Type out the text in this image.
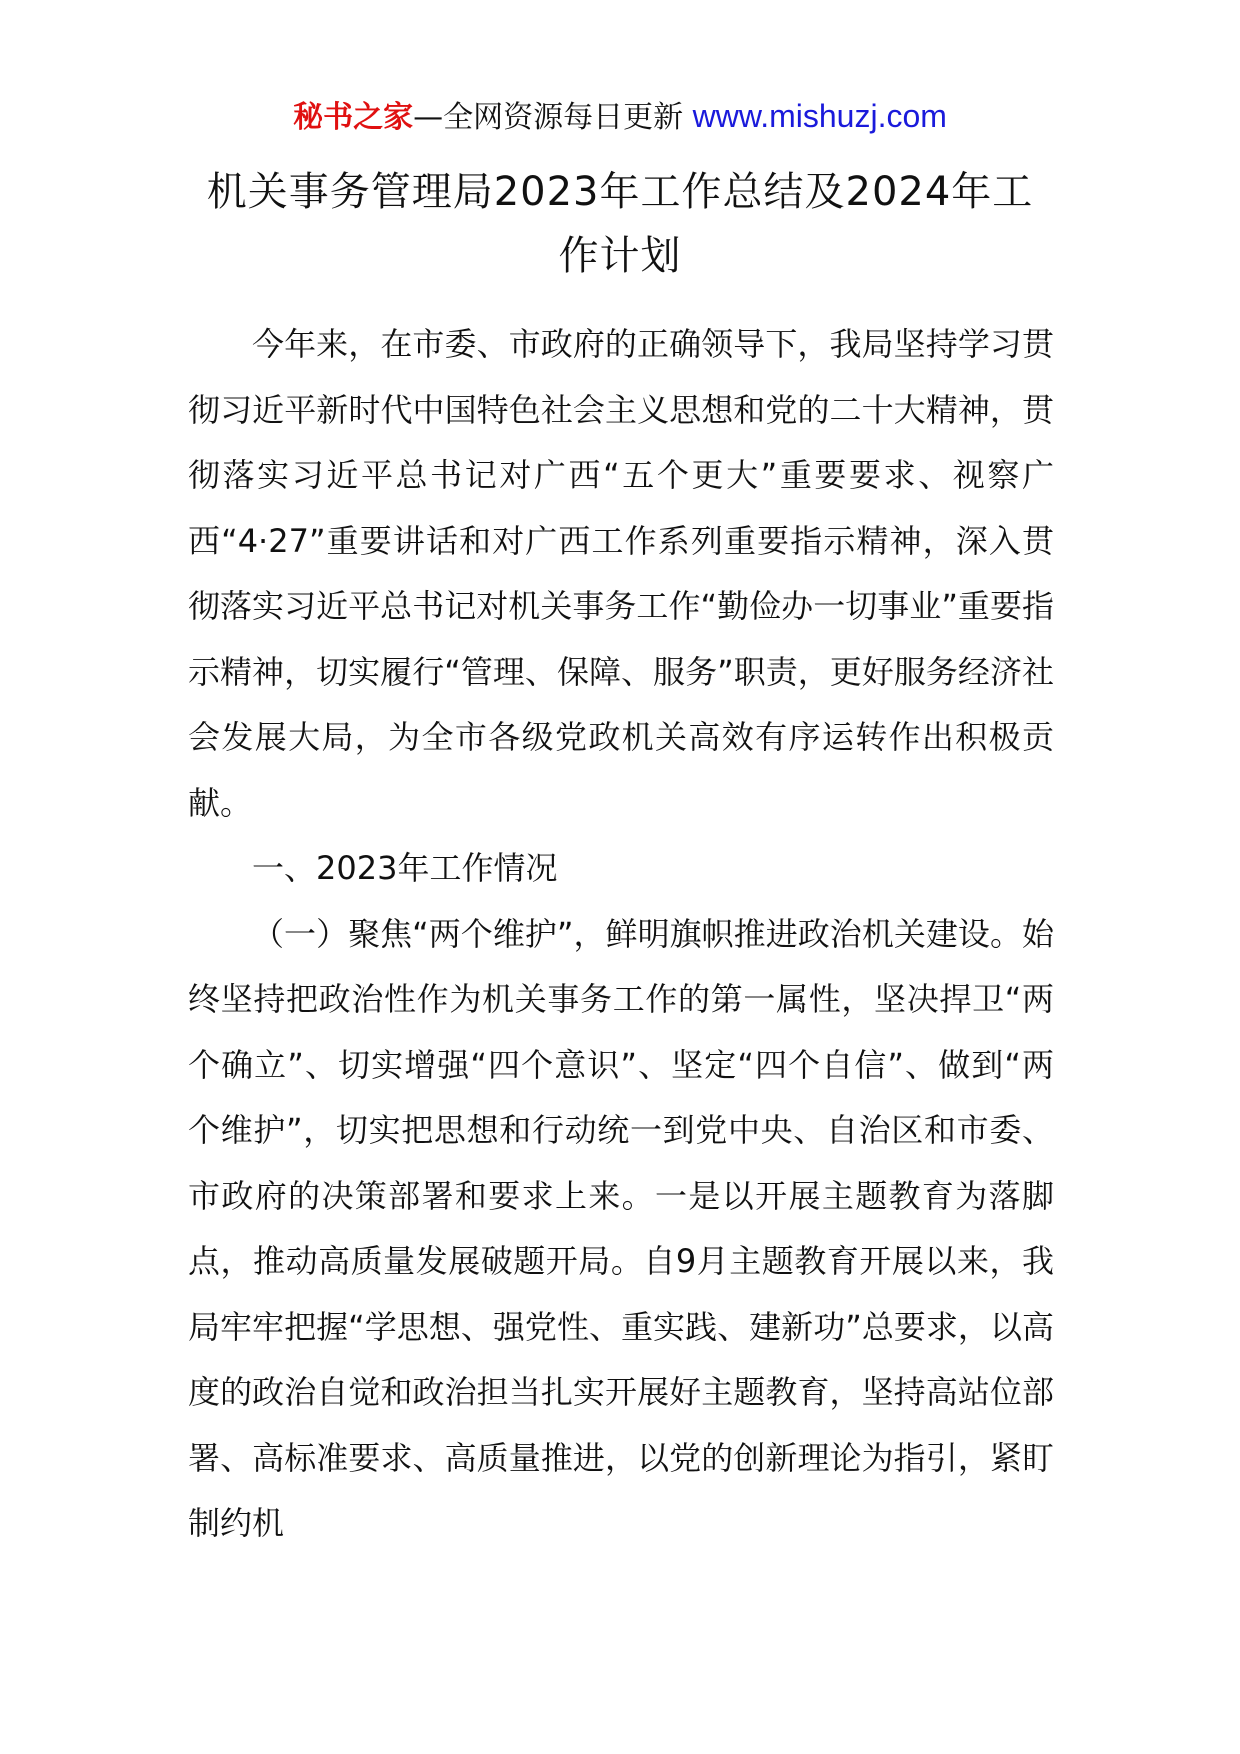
秘书之家—全网资源每日更新 www.mishuzj.com
机关事务管理局2023年工作总结及2024年工作计划

今年来，在市委、市政府的正确领导下，我局坚持学习贯彻习近平新时代中国特色社会主义思想和党的二十大精神，贯彻落实习近平总书记对广西“五个更大”重要要求、视察广西“4·27”重要讲话和对广西工作系列重要指示精神，深入贯彻落实习近平总书记对机关事务工作“勤俭办一切事业”重要指示精神，切实履行“管理、保障、服务”职责，更好服务经济社会发展大局，为全市各级党政机关高效有序运转作出积极贡献。

一、2023年工作情况

（一）聚焦“两个维护”，鲜明旗帜推进政治机关建设。始终坚持把政治性作为机关事务工作的第一属性，坚决捍卫“两个确立”、切实增强“四个意识”、坚定“四个自信”、做到“两个维护”，切实把思想和行动统一到党中央、自治区和市委、市政府的决策部署和要求上来。一是以开展主题教育为落脚点，推动高质量发展破题开局。自9月主题教育开展以来，我局牢牢把握“学思想、强党性、重实践、建新功”总要求，以高度的政治自觉和政治担当扎实开展好主题教育，坚持高站位部署、高标准要求、高质量推进，以党的创新理论为指引，紧盯制约机
